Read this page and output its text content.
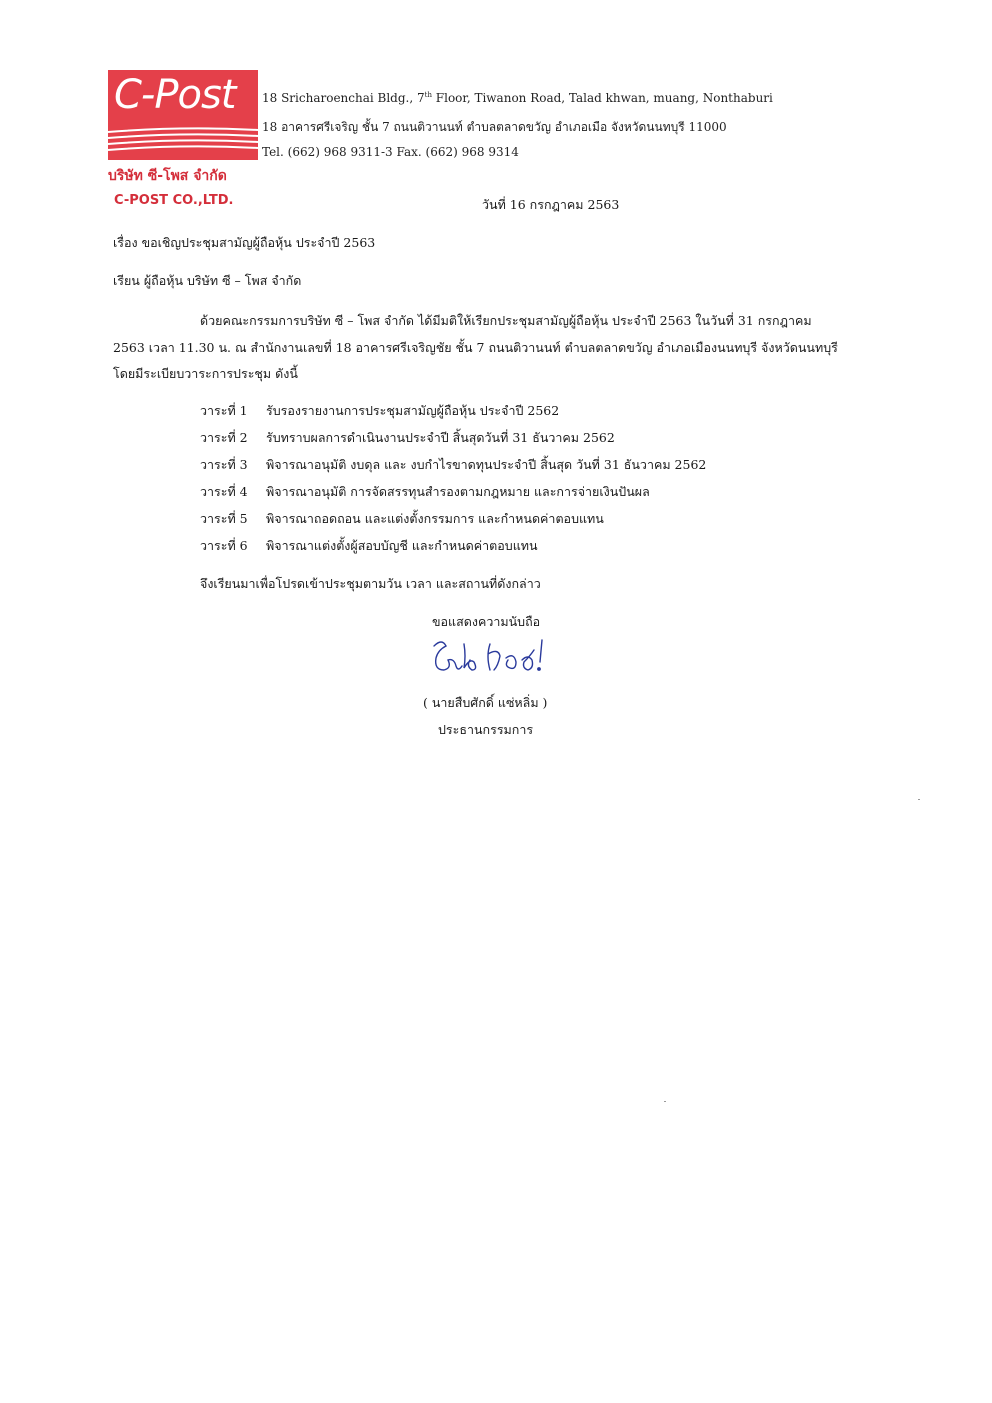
C-Post 18 Sricharoenchai Bldg., 7th Floor, Tiwanon Road, Talad khwan, muang, Nonthaburi
18 อาคารศรีเจริญ ชั้น 7 ถนนติวานนท์ ตำบลตลาดขวัญ อำเภอเมือ จังหวัดนนทบุรี 11000
Tel. (662) 968 9311-3 Fax. (662) 968 9314
บริษัท ซี-โพส จำกัด
C-POST CO.,LTD.	วันที่ 16 กรกฎาคม 2563
เรื่อง ขอเชิญประชุมสามัญผู้ถือหุ้น ประจำปี 2563
เรียน ผู้ถือหุ้น บริษัท ซี – โพส จำกัด
ด้วยคณะกรรมการบริษัท ซี – โพส จำกัด ได้มีมติให้เรียกประชุมสามัญผู้ถือหุ้น ประจำปี 2563 ในวันที่ 31 กรกฎาคม
2563 เวลา 11.30 น. ณ สำนักงานเลขที่ 18 อาคารศรีเจริญชัย ชั้น 7 ถนนติวานนท์ ตำบลตลาดขวัญ อำเภอเมืองนนทบุรี จังหวัดนนทบุรี
โดยมีระเบียบวาระการประชุม ดังนี้
วาระที่ 1 รับรองรายงานการประชุมสามัญผู้ถือหุ้น ประจำปี 2562
วาระที่ 2 รับทราบผลการดำเนินงานประจำปี สิ้นสุดวันที่ 31 ธันวาคม 2562
วาระที่ 3 พิจารณาอนุมัติ งบดุล และ งบกำไรขาดทุนประจำปี สิ้นสุด วันที่ 31 ธันวาคม 2562
วาระที่ 4 พิจารณาอนุมัติ การจัดสรรทุนสำรองตามกฎหมาย และการจ่ายเงินปันผล
วาระที่ 5 พิจารณาถอดถอน และแต่งตั้งกรรมการ และกำหนดค่าตอบแทน
วาระที่ 6 พิจารณาแต่งตั้งผู้สอบบัญชี และกำหนดค่าตอบแทน
จึงเรียนมาเพื่อโปรดเข้าประชุมตามวัน เวลา และสถานที่ดังกล่าว
ขอแสดงความนับถือ
( นายสืบศักดิ์ แซ่หลิ่ม )
ประธานกรรมการ
